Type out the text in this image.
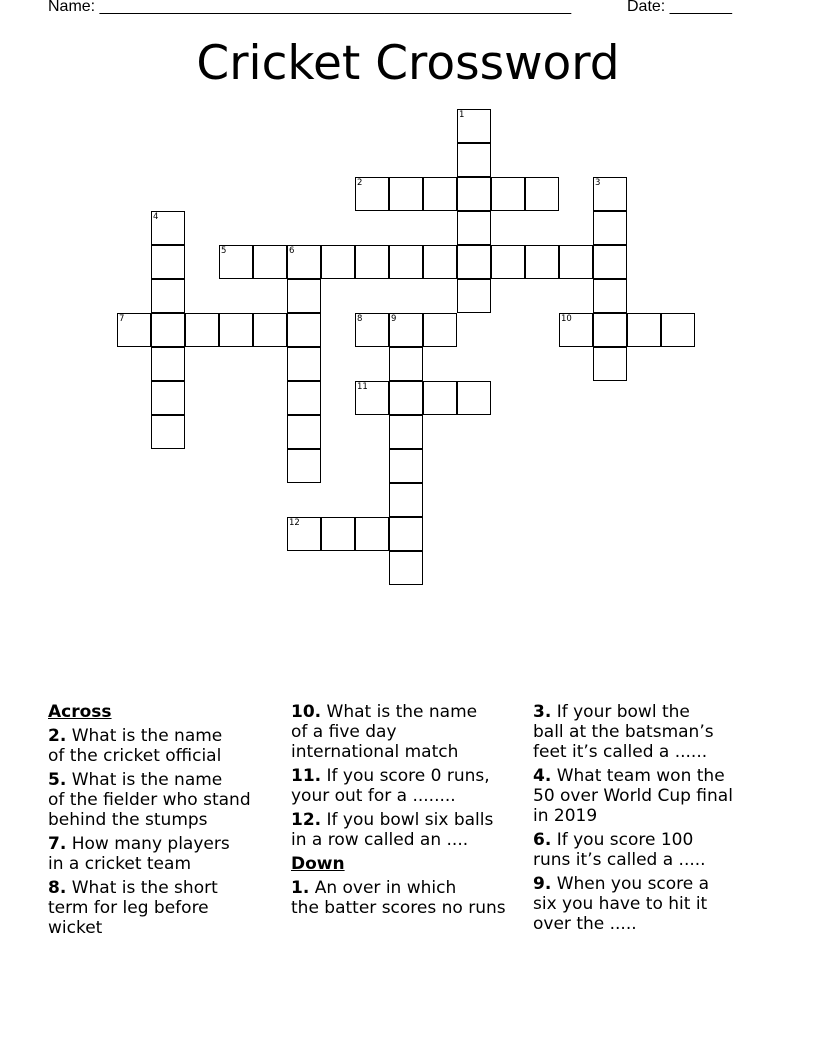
Name: _____________________________________________________	Date: _______
Cricket Crossword
1
2	3
4
5	6
7	8	9	10
11
12
Across
2. What is the name
of the cricket official
5. What is the name
of the fielder who stand
behind the stumps
7. How many players
in a cricket team
8. What is the short
term for leg before
wicket
10. What is the name
of a five day
international match
11. If you score 0 runs,
your out for a ........
12. If you bowl six balls
in a row called an ....
Down
1. An over in which
the batter scores no runs
3. If your bowl the
ball at the batsman’s
feet it’s called a ......
4. What team won the
50 over World Cup final
in 2019
6. If you score 100
runs it’s called a .....
9. When you score a
six you have to hit it
over the .....
